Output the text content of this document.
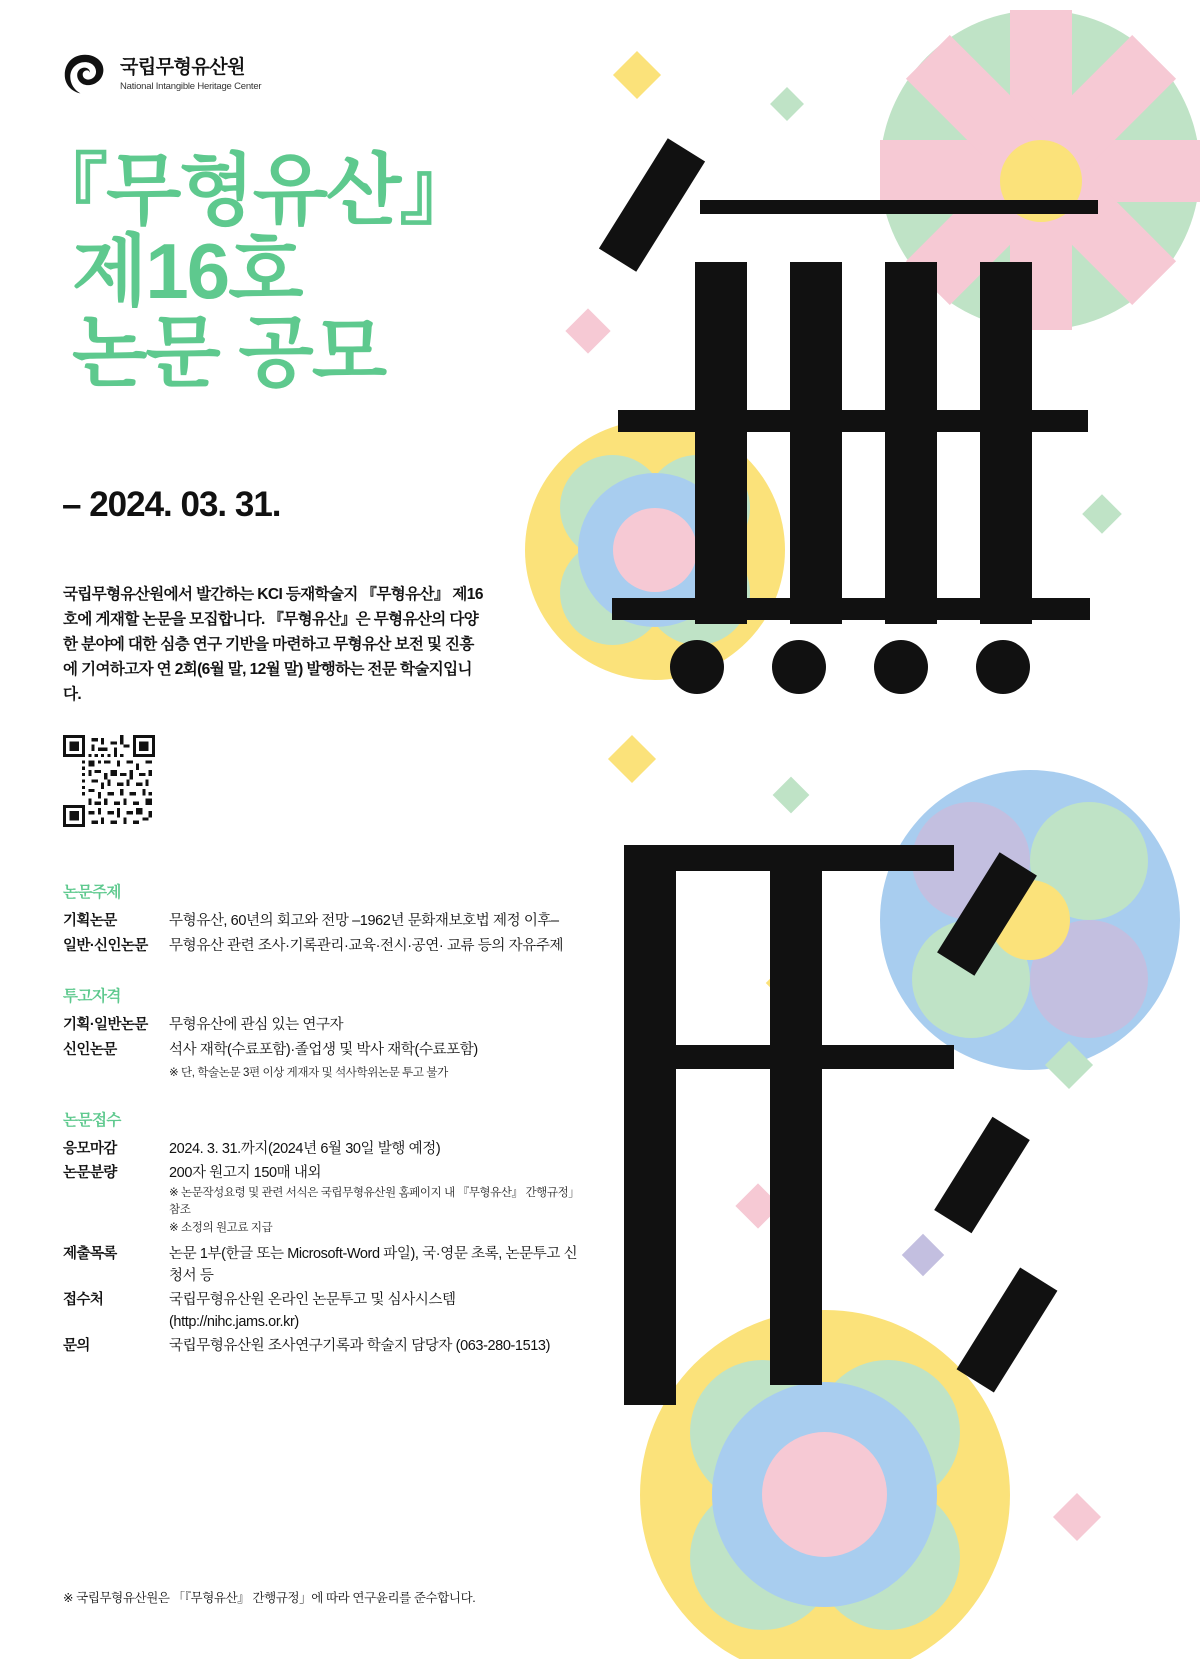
국립무형유산원
National Intangible Heritage Center
『무형유산』
제16호
논문 공모
– 2024. 03. 31.
국립무형유산원에서 발간하는 KCI 등재학술지 『무형유산』 제16호에 게재할 논문을 모집합니다. 『무형유산』은 무형유산의 다양한 분야에 대한 심층 연구 기반을 마련하고 무형유산 보전 및 진흥에 기여하고자 연 2회(6월 말, 12월 말) 발행하는 전문 학술지입니다.
논문주제
기획논문	무형유산, 60년의 회고와 전망 –1962년 문화재보호법 제정 이후–
일반·신인논문	무형유산 관련 조사·기록관리·교육·전시·공연· 교류 등의 자유주제
투고자격
기획·일반논문	무형유산에 관심 있는 연구자
신인논문	석사 재학(수료포함)·졸업생 및 박사 재학(수료포함)
※ 단, 학술논문 3편 이상 게재자 및 석사학위논문 투고 불가
논문접수
응모마감	2024. 3. 31.까지(2024년 6월 30일 발행 예정)
논문분량	200자 원고지 150매 내외
※ 논문작성요령 및 관련 서식은 국립무형유산원 홈페이지 내 『무형유산』 간행규정」참조
※ 소정의 원고료 지급
제출목록	논문 1부(한글 또는 Microsoft-Word 파일), 국·영문 초록, 논문투고 신청서 등
접수처	국립무형유산원 온라인 논문투고 및 심사시스템 (http://nihc.jams.or.kr)
문의	국립무형유산원 조사연구기록과 학술지 담당자 (063-280-1513)
※ 국립무형유산원은 「『무형유산』 간행규정」에 따라 연구윤리를 준수합니다.
